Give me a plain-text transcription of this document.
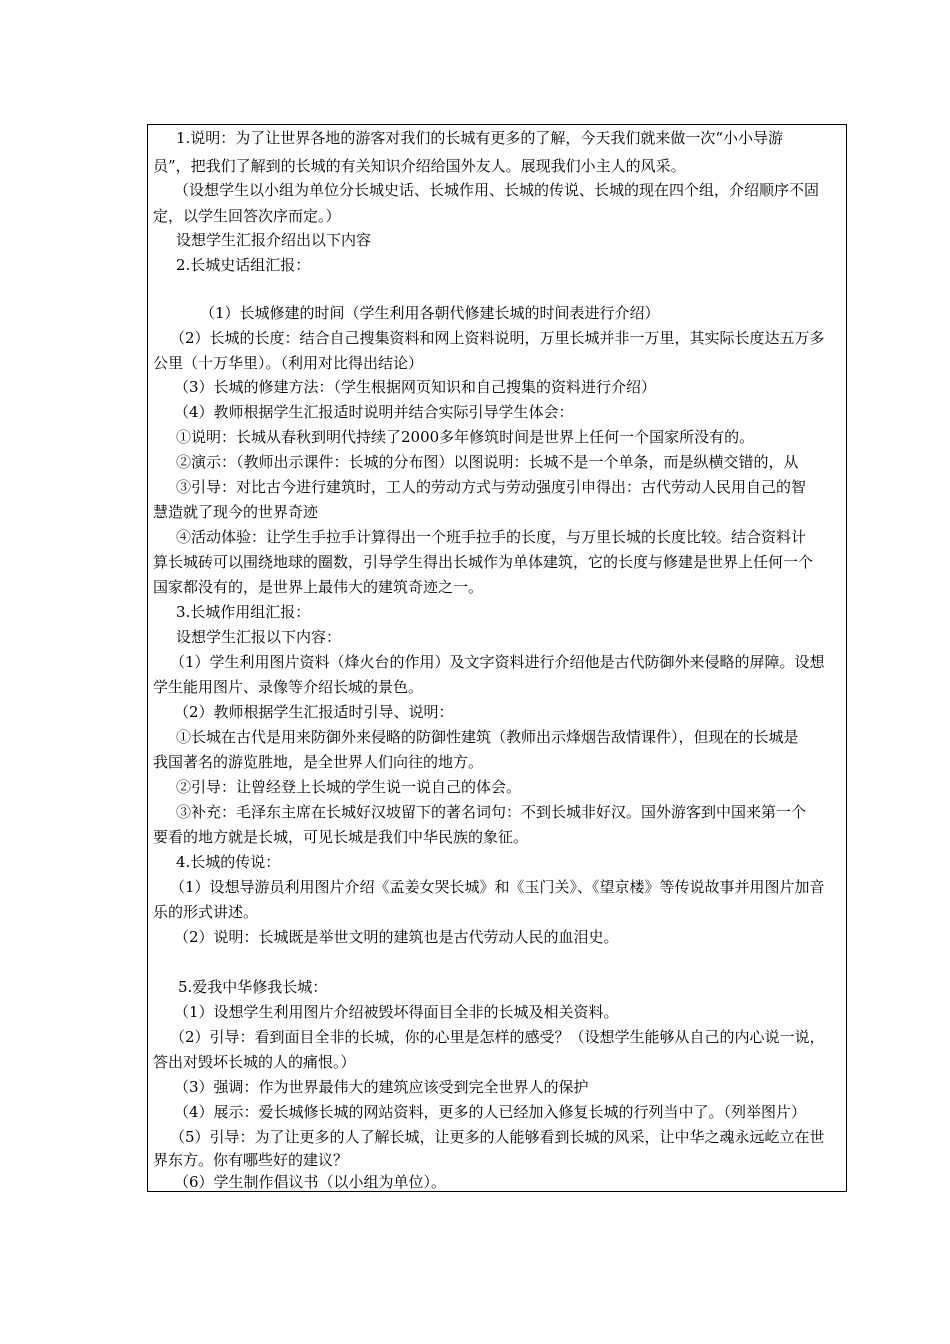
1.说明：为了让世界各地的游客对我们的长城有更多的了解，今天我们就来做一次“小小导游
员”，把我们了解到的长城的有关知识介绍给国外友人。展现我们小主人的风采。
（设想学生以小组为单位分长城史话、长城作用、长城的传说、长城的现在四个组，介绍顺序不固
定，以学生回答次序而定。）
设想学生汇报介绍出以下内容
2.长城史话组汇报：
（1）长城修建的时间（学生利用各朝代修建长城的时间表进行介绍）
（2）长城的长度：结合自己搜集资料和网上资料说明，万里长城并非一万里，其实际长度达五万多
公里（十万华里）。（利用对比得出结论）
（3）长城的修建方法：（学生根据网页知识和自己搜集的资料进行介绍）
（4）教师根据学生汇报适时说明并结合实际引导学生体会：
①说明：长城从春秋到明代持续了2000多年修筑时间是世界上任何一个国家所没有的。
②演示：（教师出示课件：长城的分布图）以图说明：长城不是一个单条，而是纵横交错的，从
③引导：对比古今进行建筑时，工人的劳动方式与劳动强度引申得出：古代劳动人民用自己的智
慧造就了现今的世界奇迹
④活动体验：让学生手拉手计算得出一个班手拉手的长度，与万里长城的长度比较。结合资料计
算长城砖可以围绕地球的圈数，引导学生得出长城作为单体建筑，它的长度与修建是世界上任何一个
国家都没有的，是世界上最伟大的建筑奇迹之一。
3.长城作用组汇报：
设想学生汇报以下内容：
（1）学生利用图片资料（烽火台的作用）及文字资料进行介绍他是古代防御外来侵略的屏障。设想
学生能用图片、录像等介绍长城的景色。
（2）教师根据学生汇报适时引导、说明：
①长城在古代是用来防御外来侵略的防御性建筑（教师出示烽烟告敌情课件），但现在的长城是
我国著名的游览胜地，是全世界人们向往的地方。
②引导：让曾经登上长城的学生说一说自己的体会。
③补充：毛泽东主席在长城好汉坡留下的著名词句：不到长城非好汉。国外游客到中国来第一个
要看的地方就是长城，可见长城是我们中华民族的象征。
4.长城的传说：
（1）设想导游员利用图片介绍《孟姜女哭长城》和《玉门关》、《望京楼》等传说故事并用图片加音
乐的形式讲述。
（2）说明：长城既是举世文明的建筑也是古代劳动人民的血泪史。
5.爱我中华修我长城：
（1）设想学生利用图片介绍被毁坏得面目全非的长城及相关资料。
（2）引导：看到面目全非的长城，你的心里是怎样的感受？（设想学生能够从自己的内心说一说，
答出对毁坏长城的人的痛恨。）
（3）强调：作为世界最伟大的建筑应该受到完全世界人的保护
（4）展示：爱长城修长城的网站资料，更多的人已经加入修复长城的行列当中了。（列举图片）
（5）引导：为了让更多的人了解长城，让更多的人能够看到长城的风采，让中华之魂永远屹立在世
界东方。你有哪些好的建议？
（6）学生制作倡议书（以小组为单位）。
